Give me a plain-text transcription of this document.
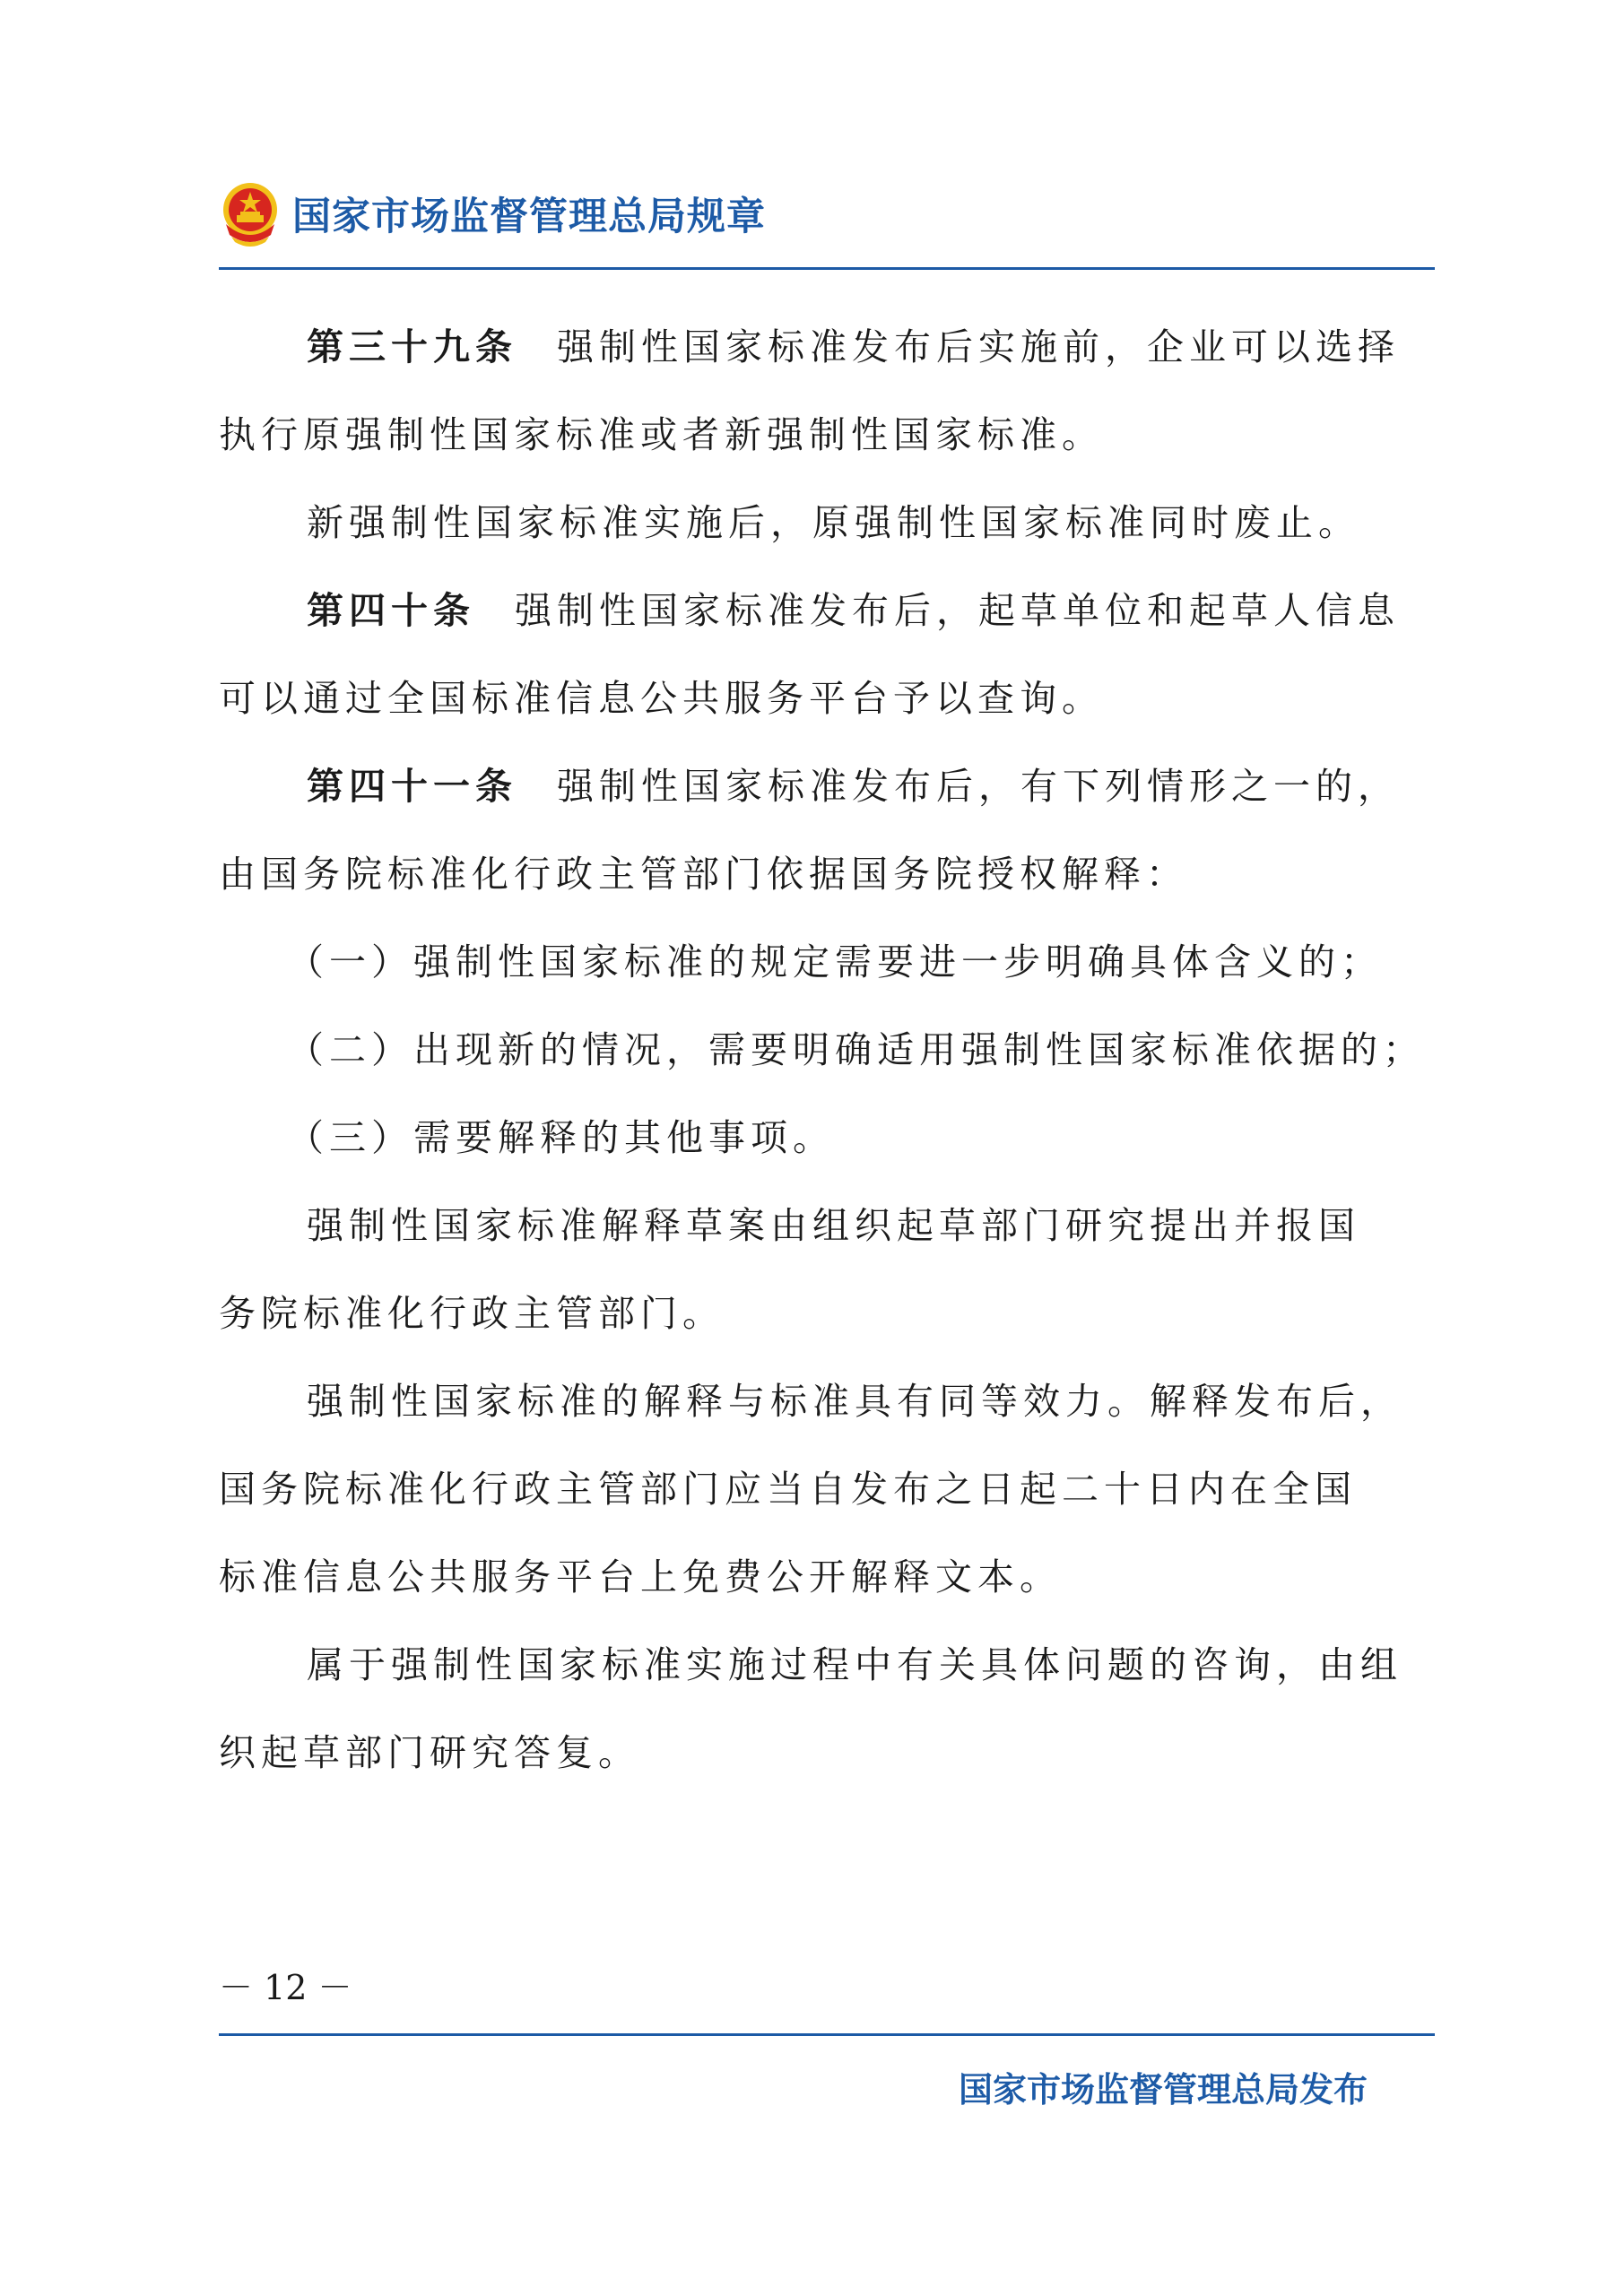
国家市场监督管理总局规章

第三十九条 强制性国家标准发布后实施前，企业可以选择

执行原强制性国家标准或者新强制性国家标准。

新强制性国家标准实施后，原强制性国家标准同时废止。

第四十条 强制性国家标准发布后，起草单位和起草人信息

可以通过全国标准信息公共服务平台予以查询。

第四十一条 强制性国家标准发布后，有下列情形之一的，

由国务院标准化行政主管部门依据国务院授权解释：

（一）强制性国家标准的规定需要进一步明确具体含义的；

（二）出现新的情况，需要明确适用强制性国家标准依据的；

（三）需要解释的其他事项。

强制性国家标准解释草案由组织起草部门研究提出并报国

务院标准化行政主管部门。

强制性国家标准的解释与标准具有同等效力。解释发布后，

国务院标准化行政主管部门应当自发布之日起二十日内在全国

标准信息公共服务平台上免费公开解释文本。

属于强制性国家标准实施过程中有关具体问题的咨询，由组

织起草部门研究答复。

－ 12 －
国家市场监督管理总局发布
